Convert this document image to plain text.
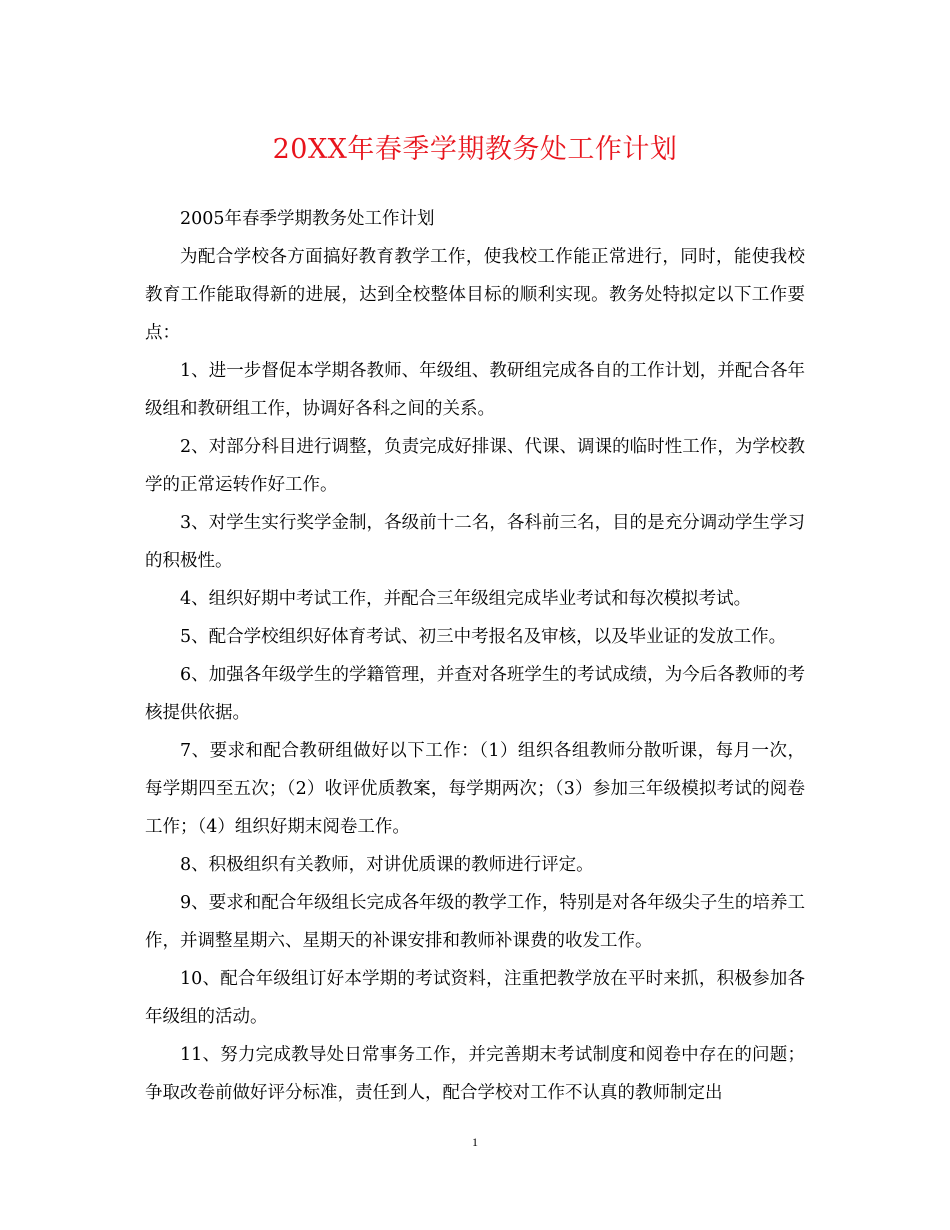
20XX年春季学期教务处工作计划

2005年春季学期教务处工作计划

为配合学校各方面搞好教育教学工作，使我校工作能正常进行，同时，能使我校教育工作能取得新的进展，达到全校整体目标的顺利实现。教务处特拟定以下工作要点：

1、进一步督促本学期各教师、年级组、教研组完成各自的工作计划，并配合各年级组和教研组工作，协调好各科之间的关系。

2、对部分科目进行调整，负责完成好排课、代课、调课的临时性工作，为学校教学的正常运转作好工作。

3、对学生实行奖学金制，各级前十二名，各科前三名，目的是充分调动学生学习的积极性。

4、组织好期中考试工作，并配合三年级组完成毕业考试和每次模拟考试。

5、配合学校组织好体育考试、初三中考报名及审核，以及毕业证的发放工作。

6、加强各年级学生的学籍管理，并查对各班学生的考试成绩，为今后各教师的考核提供依据。

7、要求和配合教研组做好以下工作：（1）组织各组教师分散听课，每月一次，每学期四至五次；（2）收评优质教案，每学期两次；（3）参加三年级模拟考试的阅卷工作；（4）组织好期末阅卷工作。

8、积极组织有关教师，对讲优质课的教师进行评定。

9、要求和配合年级组长完成各年级的教学工作，特别是对各年级尖子生的培养工作，并调整星期六、星期天的补课安排和教师补课费的收发工作。

10、配合年级组订好本学期的考试资料，注重把教学放在平时来抓，积极参加各年级组的活动。

11、努力完成教导处日常事务工作，并完善期末考试制度和阅卷中存在的问题；争取改卷前做好评分标准，责任到人，配合学校对工作不认真的教师制定出

1
